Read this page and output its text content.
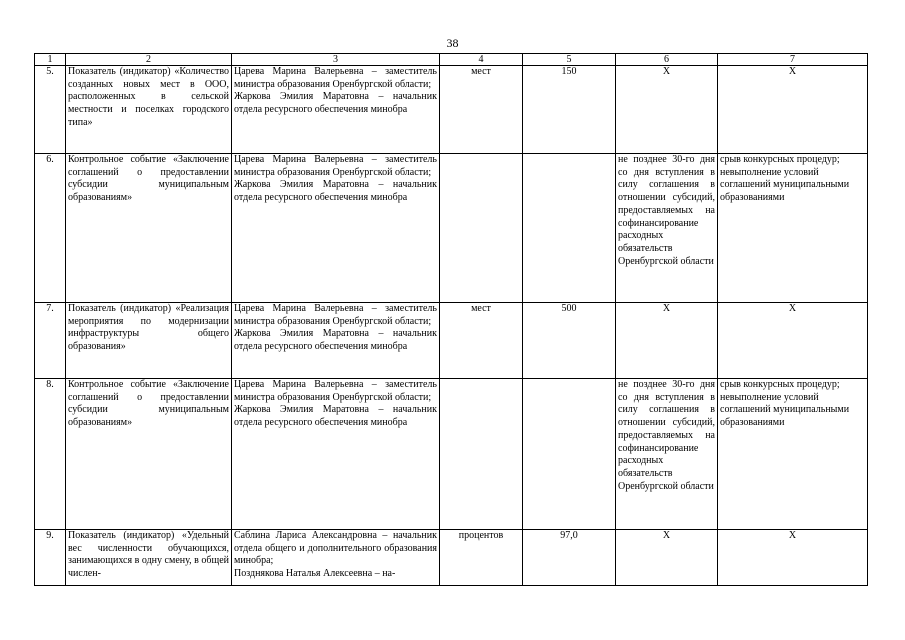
38
1	2	3	4	5	6	7
5.	Показатель (индикатор) «Количество созданных новых мест в ООО, расположенных в сельской местности и поселках городского типа»	Царева Марина Валерьевна – заместитель министра образования Оренбургской области;
Жаркова Эмилия Маратовна – начальник отдела ресурсного обеспечения минобра	мест	150	X	X
6.	Контрольное событие «Заключение соглашений о предоставлении субсидии муниципальным образованиям»	Царева Марина Валерьевна – заместитель министра образования Оренбургской области;
Жаркова Эмилия Маратовна – начальник отдела ресурсного обеспечения минобра			не позднее 30-го дня со дня вступления в силу соглашения в отношении субсидий, предоставляемых на софинансирование расходных обязательств Оренбургской области	срыв конкурсных процедур; невыполнение условий соглашений муниципальными образованиями
7.	Показатель (индикатор) «Реализация мероприятия по модернизации инфраструктуры общего образования»	Царева Марина Валерьевна – заместитель министра образования Оренбургской области;
Жаркова Эмилия Маратовна – начальник отдела ресурсного обеспечения минобра	мест	500	X	X
8.	Контрольное событие «Заключение соглашений о предоставлении субсидии муниципальным образованиям»	Царева Марина Валерьевна – заместитель министра образования Оренбургской области;
Жаркова Эмилия Маратовна – начальник отдела ресурсного обеспечения минобра			не позднее 30-го дня со дня вступления в силу соглашения в отношении субсидий, предоставляемых на софинансирование расходных обязательств Оренбургской области	срыв конкурсных процедур; невыполнение условий соглашений муниципальными образованиями
9.	Показатель (индикатор) «Удельный вес численности обучающихся, занимающихся в одну смену, в общей числен-	Саблина Лариса Александровна – начальник отдела общего и дополнительного образования минобра;
Позднякова Наталья Алексеевна – на-	процентов	97,0	X	X
